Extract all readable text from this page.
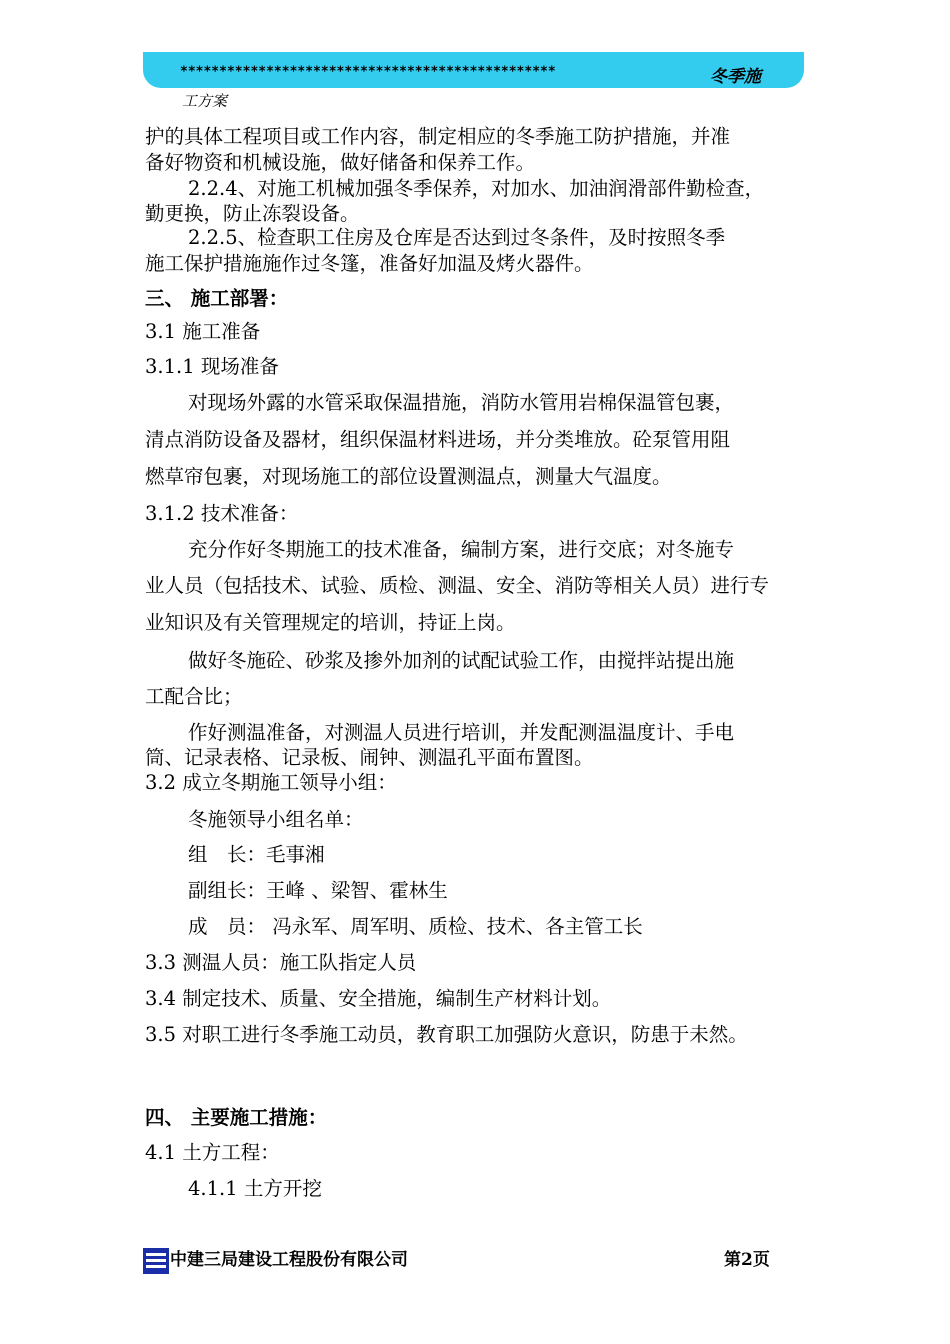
************************************************	冬季施
工方案
护的具体工程项目或工作内容，制定相应的冬季施工防护措施，并准
备好物资和机械设施，做好储备和保养工作。
2.2.4、对施工机械加强冬季保养，对加水、加油润滑部件勤检查，
勤更换，防止冻裂设备。
2.2.5、检查职工住房及仓库是否达到过冬条件，及时按照冬季
施工保护措施施作过冬篷，准备好加温及烤火器件。
三、 施工部署：
3.1 施工准备
3.1.1 现场准备
对现场外露的水管采取保温措施，消防水管用岩棉保温管包裹，
清点消防设备及器材，组织保温材料进场，并分类堆放。砼泵管用阻
燃草帘包裹，对现场施工的部位设置测温点，测量大气温度。
3.1.2 技术准备：
充分作好冬期施工的技术准备，编制方案，进行交底；对冬施专
业人员（包括技术、试验、质检、测温、安全、消防等相关人员）进行专
业知识及有关管理规定的培训，持证上岗。
做好冬施砼、砂浆及掺外加剂的试配试验工作，由搅拌站提出施
工配合比；
作好测温准备，对测温人员进行培训，并发配测温温度计、手电
筒、记录表格、记录板、闹钟、测温孔平面布置图。
3.2 成立冬期施工领导小组：
冬施领导小组名单：
组　长：毛事湘
副组长：王峰 、梁智、霍林生
成　员： 冯永军、周军明、质检、技术、各主管工长
3.3 测温人员：施工队指定人员
3.4 制定技术、质量、安全措施，编制生产材料计划。
3.5 对职工进行冬季施工动员，教育职工加强防火意识，防患于未然。
四、 主要施工措施：
4.1 土方工程：
4.1.1 土方开挖
中建三局建设工程股份有限公司	第2页
